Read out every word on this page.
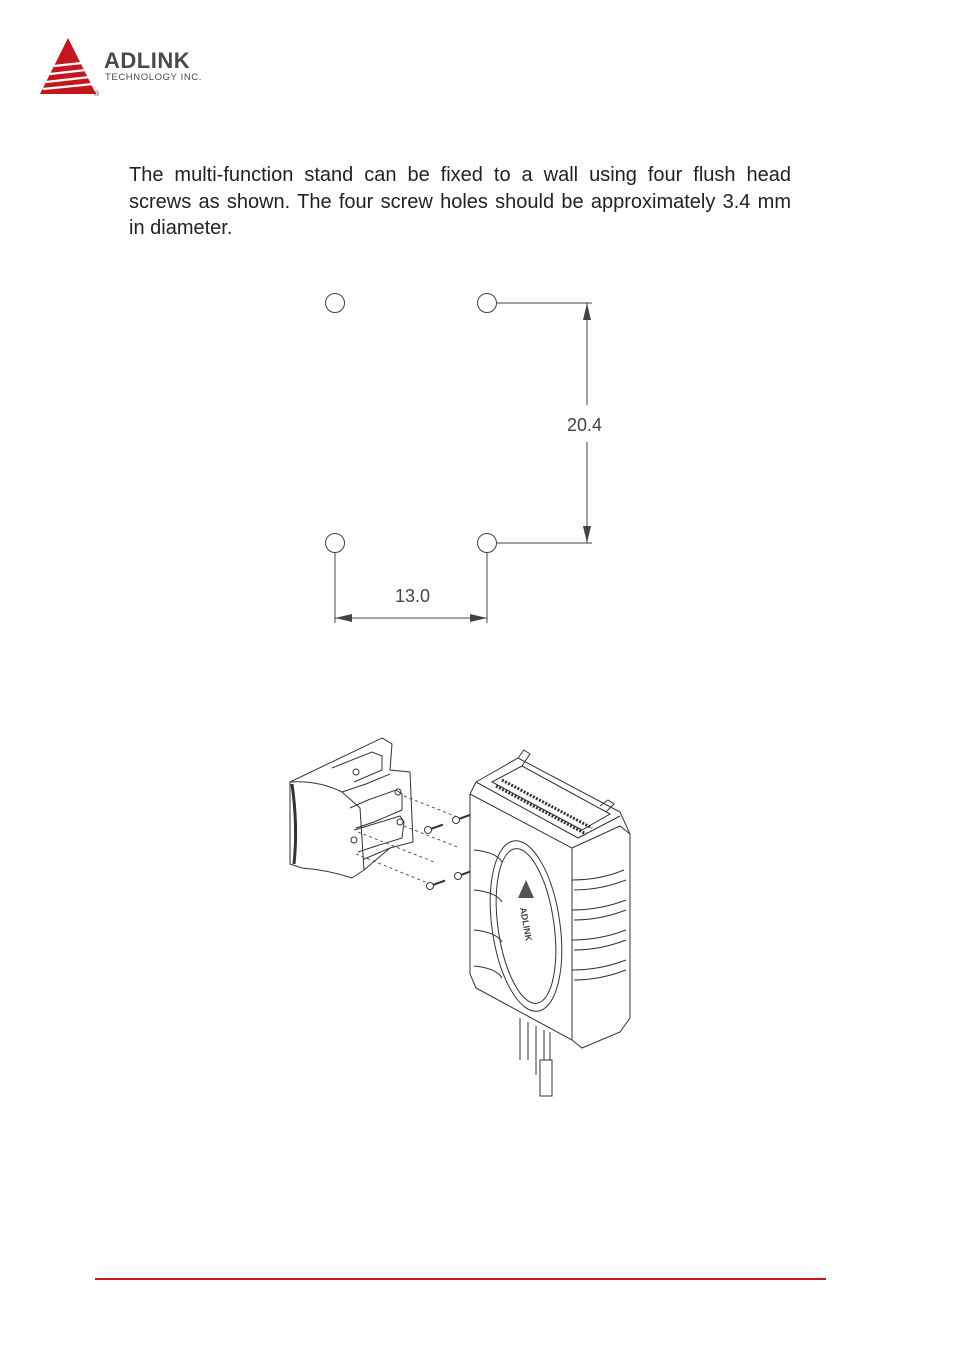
ADLINK
TECHNOLOGY INC.
®

The multi-function stand can be fixed to a wall using four flush head screws as shown. The four screw holes should be approximately 3.4 mm in diameter.

20.4
13.0
ADLINK
